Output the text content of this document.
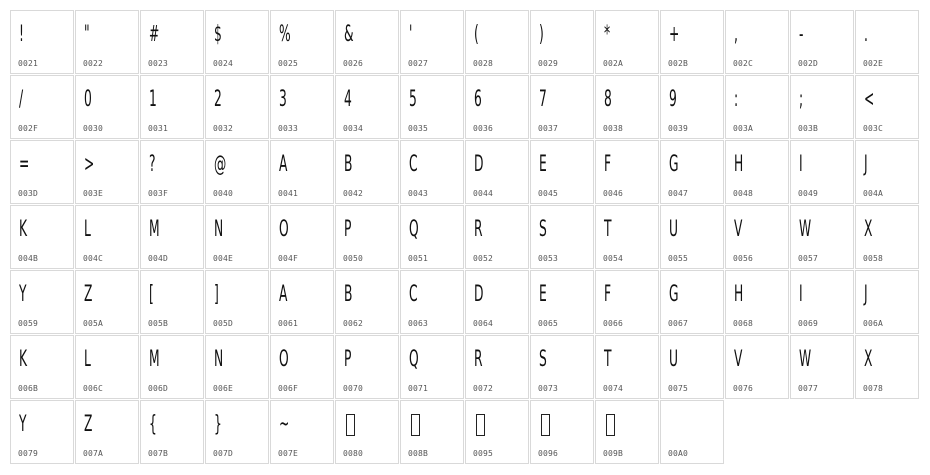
!
0021
"
0022
#
0023
$
0024
%
0025
&
0026
'
0027
(
0028
)
0029
*
002A
+
002B
,
002C
-
002D
.
002E
/
002F
0
0030
1
0031
2
0032
3
0033
4
0034
5
0035
6
0036
7
0037
8
0038
9
0039
:
003A
;
003B
<
003C
=
003D
>
003E
?
003F
@
0040
A
0041
B
0042
C
0043
D
0044
E
0045
F
0046
G
0047
H
0048
I
0049
J
004A
K
004B
L
004C
M
004D
N
004E
O
004F
P
0050
Q
0051
R
0052
S
0053
T
0054
U
0055
V
0056
W
0057
X
0058
Y
0059
Z
005A
[
005B
]
005D
A
0061
B
0062
C
0063
D
0064
E
0065
F
0066
G
0067
H
0068
I
0069
J
006A
K
006B
L
006C
M
006D
N
006E
O
006F
P
0070
Q
0071
R
0072
S
0073
T
0074
U
0075
V
0076
W
0077
X
0078
Y
0079
Z
007A
{
007B
}
007D
~
007E	0080	008B	0095	0096	009B	00A0
